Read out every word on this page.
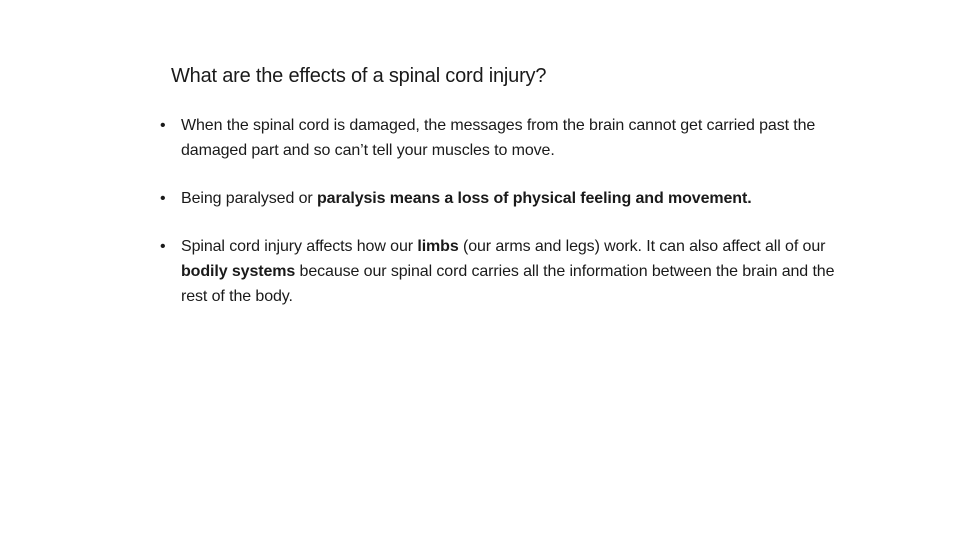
What are the effects of a spinal cord injury?
• When the spinal cord is damaged, the messages from the brain cannot get carried past the damaged part and so can’t tell your muscles to move.
• Being paralysed or paralysis means a loss of physical feeling and movement.
• Spinal cord injury affects how our limbs (our arms and legs) work. It can also affect all of our bodily systems because our spinal cord carries all the information between the brain and the rest of the body.
